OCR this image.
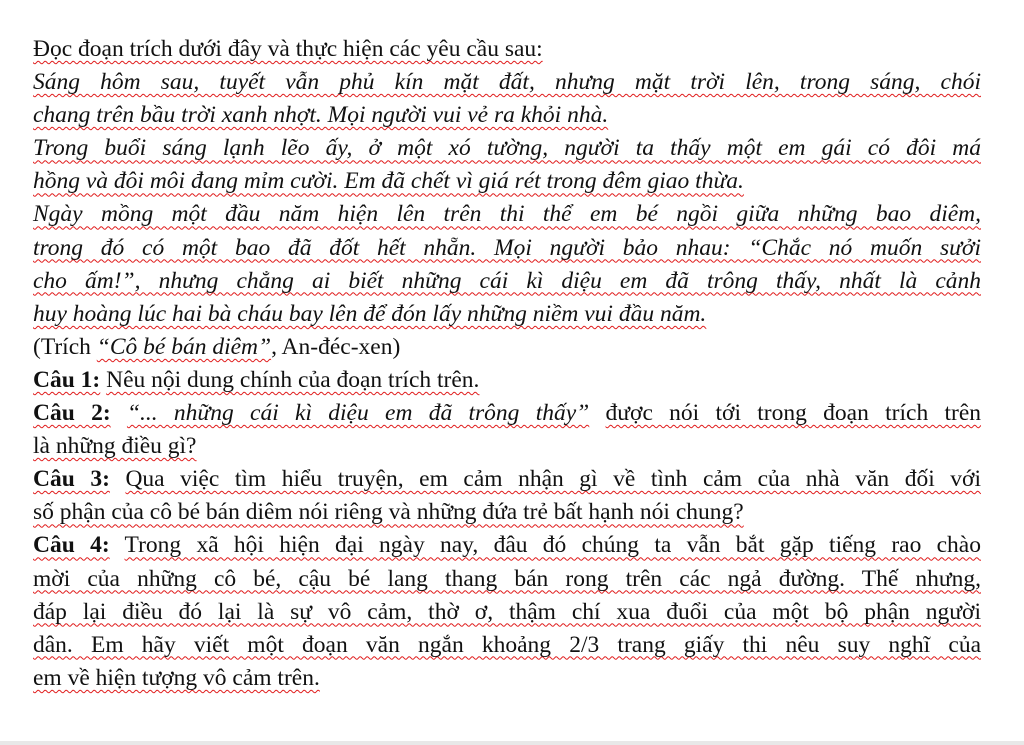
Đọc đoạn trích dưới đây và thực hiện các yêu cầu sau:
Sáng hôm sau, tuyết vẫn phủ kín mặt đất, nhưng mặt trời lên, trong sáng, chói
chang trên bầu trời xanh nhợt. Mọi người vui vẻ ra khỏi nhà.
Trong buổi sáng lạnh lẽo ấy, ở một xó tường, người ta thấy một em gái có đôi má
hồng và đôi môi đang mỉm cười. Em đã chết vì giá rét trong đêm giao thừa.
Ngày mồng một đầu năm hiện lên trên thi thể em bé ngồi giữa những bao diêm,
trong đó có một bao đã đốt hết nhẵn. Mọi người bảo nhau: “Chắc nó muốn sưởi
cho ấm!”, nhưng chẳng ai biết những cái kì diệu em đã trông thấy, nhất là cảnh
huy hoàng lúc hai bà cháu bay lên để đón lấy những niềm vui đầu năm.
(Trích “Cô bé bán diêm”, An-đéc-xen)
Câu 1: Nêu nội dung chính của đoạn trích trên.
Câu 2: “... những cái kì diệu em đã trông thấy” được nói tới trong đoạn trích trên
là những điều gì?
Câu 3: Qua việc tìm hiểu truyện, em cảm nhận gì về tình cảm của nhà văn đối với
số phận của cô bé bán diêm nói riêng và những đứa trẻ bất hạnh nói chung?
Câu 4: Trong xã hội hiện đại ngày nay, đâu đó chúng ta vẫn bắt gặp tiếng rao chào
mời của những cô bé, cậu bé lang thang bán rong trên các ngả đường. Thế nhưng,
đáp lại điều đó lại là sự vô cảm, thờ ơ, thậm chí xua đuổi của một bộ phận người
dân. Em hãy viết một đoạn văn ngắn khoảng 2/3 trang giấy thi nêu suy nghĩ của
em về hiện tượng vô cảm trên.
